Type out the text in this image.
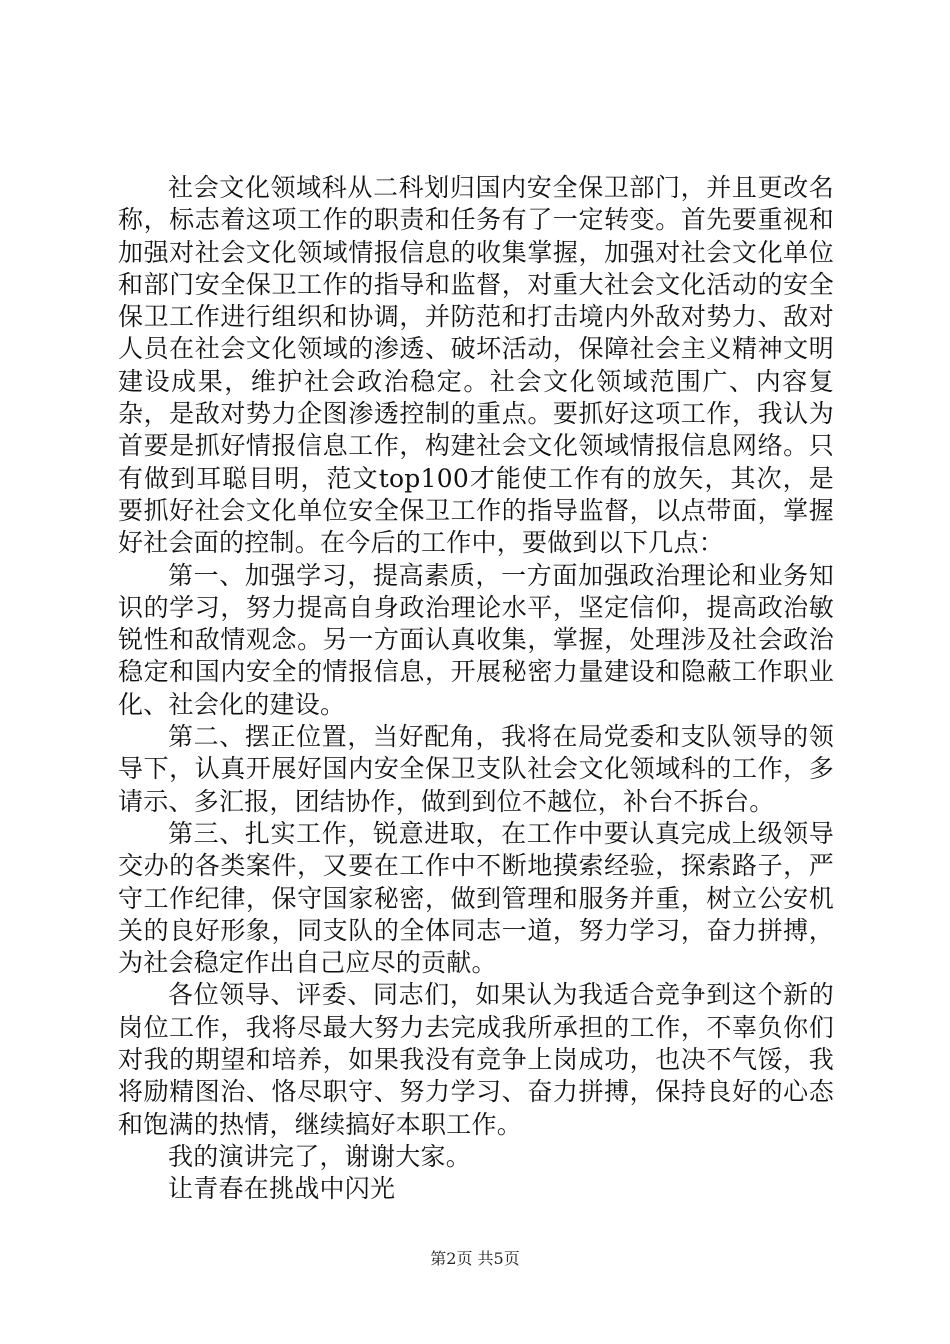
社会文化领域科从二科划归国内安全保卫部门，并且更改名称，标志着这项工作的职责和任务有了一定转变。首先要重视和加强对社会文化领域情报信息的收集掌握，加强对社会文化单位和部门安全保卫工作的指导和监督，对重大社会文化活动的安全保卫工作进行组织和协调，并防范和打击境内外敌对势力、敌对人员在社会文化领域的渗透、破坏活动，保障社会主义精神文明建设成果，维护社会政治稳定。社会文化领域范围广、内容复杂，是敌对势力企图渗透控制的重点。要抓好这项工作，我认为首要是抓好情报信息工作，构建社会文化领域情报信息网络。只有做到耳聪目明，范文top100才能使工作有的放矢，其次，是要抓好社会文化单位安全保卫工作的指导监督，以点带面，掌握好社会面的控制。在今后的工作中，要做到以下几点：

第一、加强学习，提高素质，一方面加强政治理论和业务知识的学习，努力提高自身政治理论水平，坚定信仰，提高政治敏锐性和敌情观念。另一方面认真收集，掌握，处理涉及社会政治稳定和国内安全的情报信息，开展秘密力量建设和隐蔽工作职业化、社会化的建设。

第二、摆正位置，当好配角，我将在局党委和支队领导的领导下，认真开展好国内安全保卫支队社会文化领域科的工作，多请示、多汇报，团结协作，做到到位不越位，补台不拆台。

第三、扎实工作，锐意进取，在工作中要认真完成上级领导交办的各类案件，又要在工作中不断地摸索经验，探索路子，严守工作纪律，保守国家秘密，做到管理和服务并重，树立公安机关的良好形象，同支队的全体同志一道，努力学习，奋力拼搏，为社会稳定作出自己应尽的贡献。

各位领导、评委、同志们，如果认为我适合竞争到这个新的岗位工作，我将尽最大努力去完成我所承担的工作，不辜负你们对我的期望和培养，如果我没有竞争上岗成功，也决不气馁，我将励精图治、恪尽职守、努力学习、奋力拼搏，保持良好的心态和饱满的热情，继续搞好本职工作。

我的演讲完了，谢谢大家。

让青春在挑战中闪光

第2页 共5页
